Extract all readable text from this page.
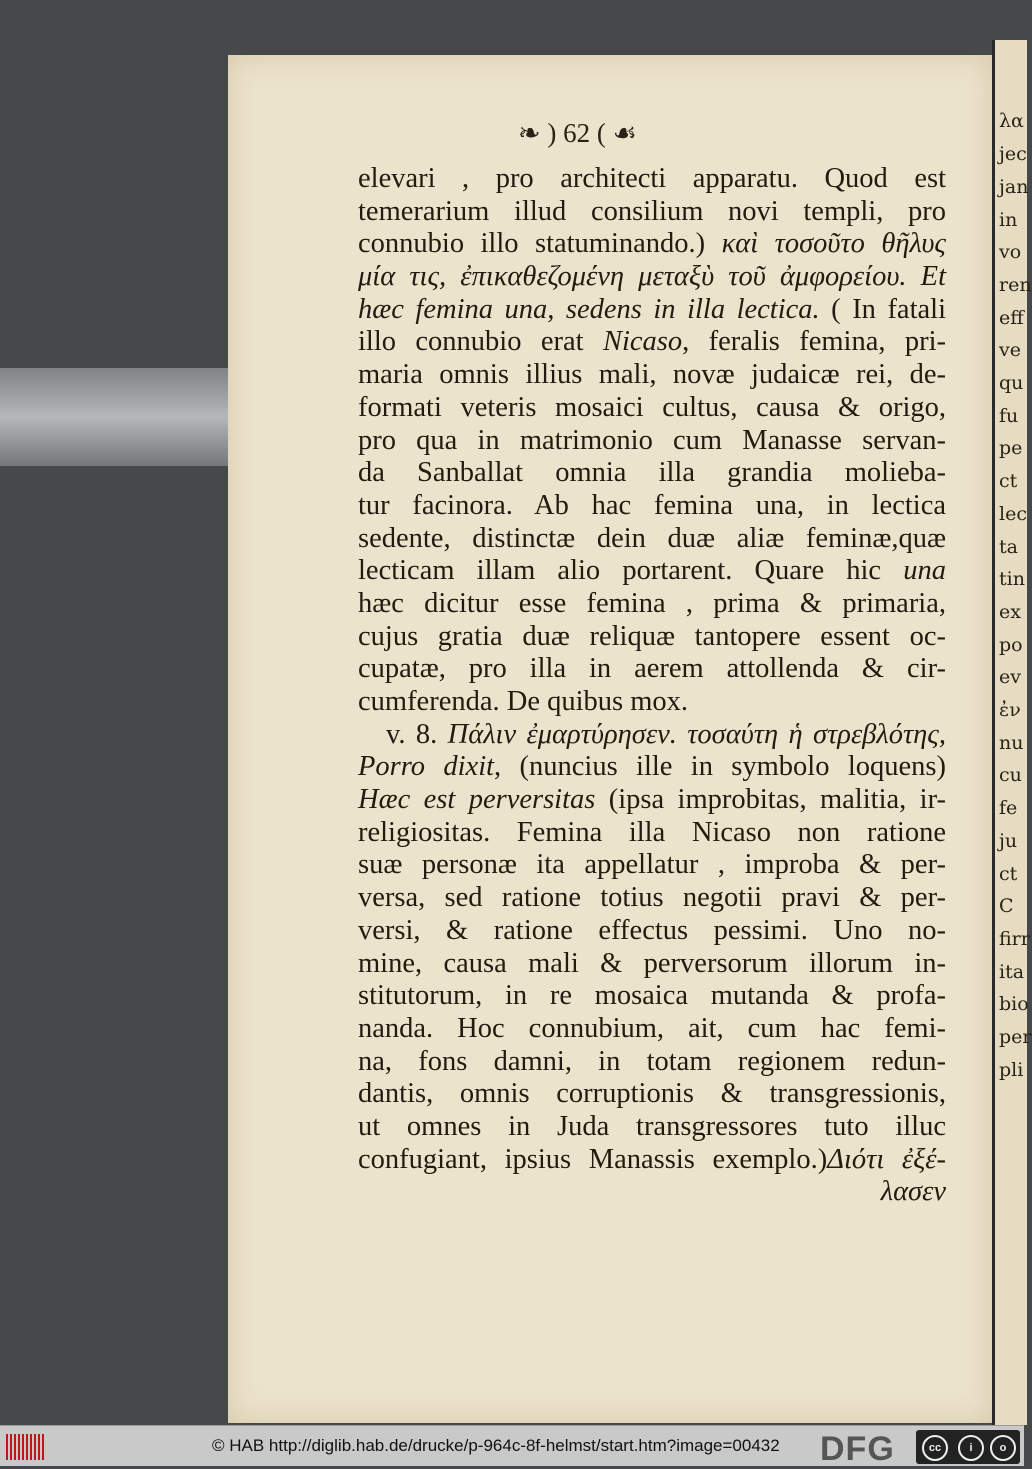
λα
jec
jan
in
vo
ren
eff
ve
qu
fu
pe
ct
lec
ta
tin
ex
po
ev
ἐν
nu
cu
fe
ju
ct
C
firr
ita
bio
per
pli
❧ ) 62 ( ☙
elevari , pro architecti apparatu. Quod est
temerarium illud consilium novi templi, pro
connubio illo statuminando.) καὶ τοσοῦτο θῆλυς
μία τις, ἐπικαθεζομένη μεταξὺ τοῦ ἀμφορείου. Et
hæc femina una, sedens in illa lectica. ( In fatali
illo connubio erat Nicaso, feralis femina, pri-
maria omnis illius mali, novæ judaicæ rei, de-
formati veteris mosaici cultus, causa & origo,
pro qua in matrimonio cum Manasse servan-
da Sanballat omnia illa grandia molieba-
tur facinora. Ab hac femina una, in lectica
sedente, distinctæ dein duæ aliæ feminæ,quæ
lecticam illam alio portarent. Quare hic una
hæc dicitur esse femina , prima & primaria,
cujus gratia duæ reliquæ tantopere essent oc-
cupatæ, pro illa in aerem attollenda & cir-
cumferenda. De quibus mox.
v. 8. Πάλιν ἐμαρτύρησεν. τοσαύτη ἡ στρεβλότης,
Porro dixit, (nuncius ille in symbolo loquens)
Hæc est perversitas (ipsa improbitas, malitia, ir-
religiositas. Femina illa Nicaso non ratione
suæ personæ ita appellatur , improba & per-
versa, sed ratione totius negotii pravi & per-
versi, & ratione effectus pessimi. Uno no-
mine, causa mali & perversorum illorum in-
stitutorum, in re mosaica mutanda & profa-
nanda. Hoc connubium, ait, cum hac femi-
na, fons damni, in totam regionem redun-
dantis, omnis corruptionis & transgressionis,
ut omnes in Juda transgressores tuto illuc
confugiant, ipsius Manassis exemplo.)Διότι ἐξέ-
λασεν
© HAB http://diglib.hab.de/drucke/p-964c-8f-helmst/start.htm?image=00432 DFG	cc	i	o
